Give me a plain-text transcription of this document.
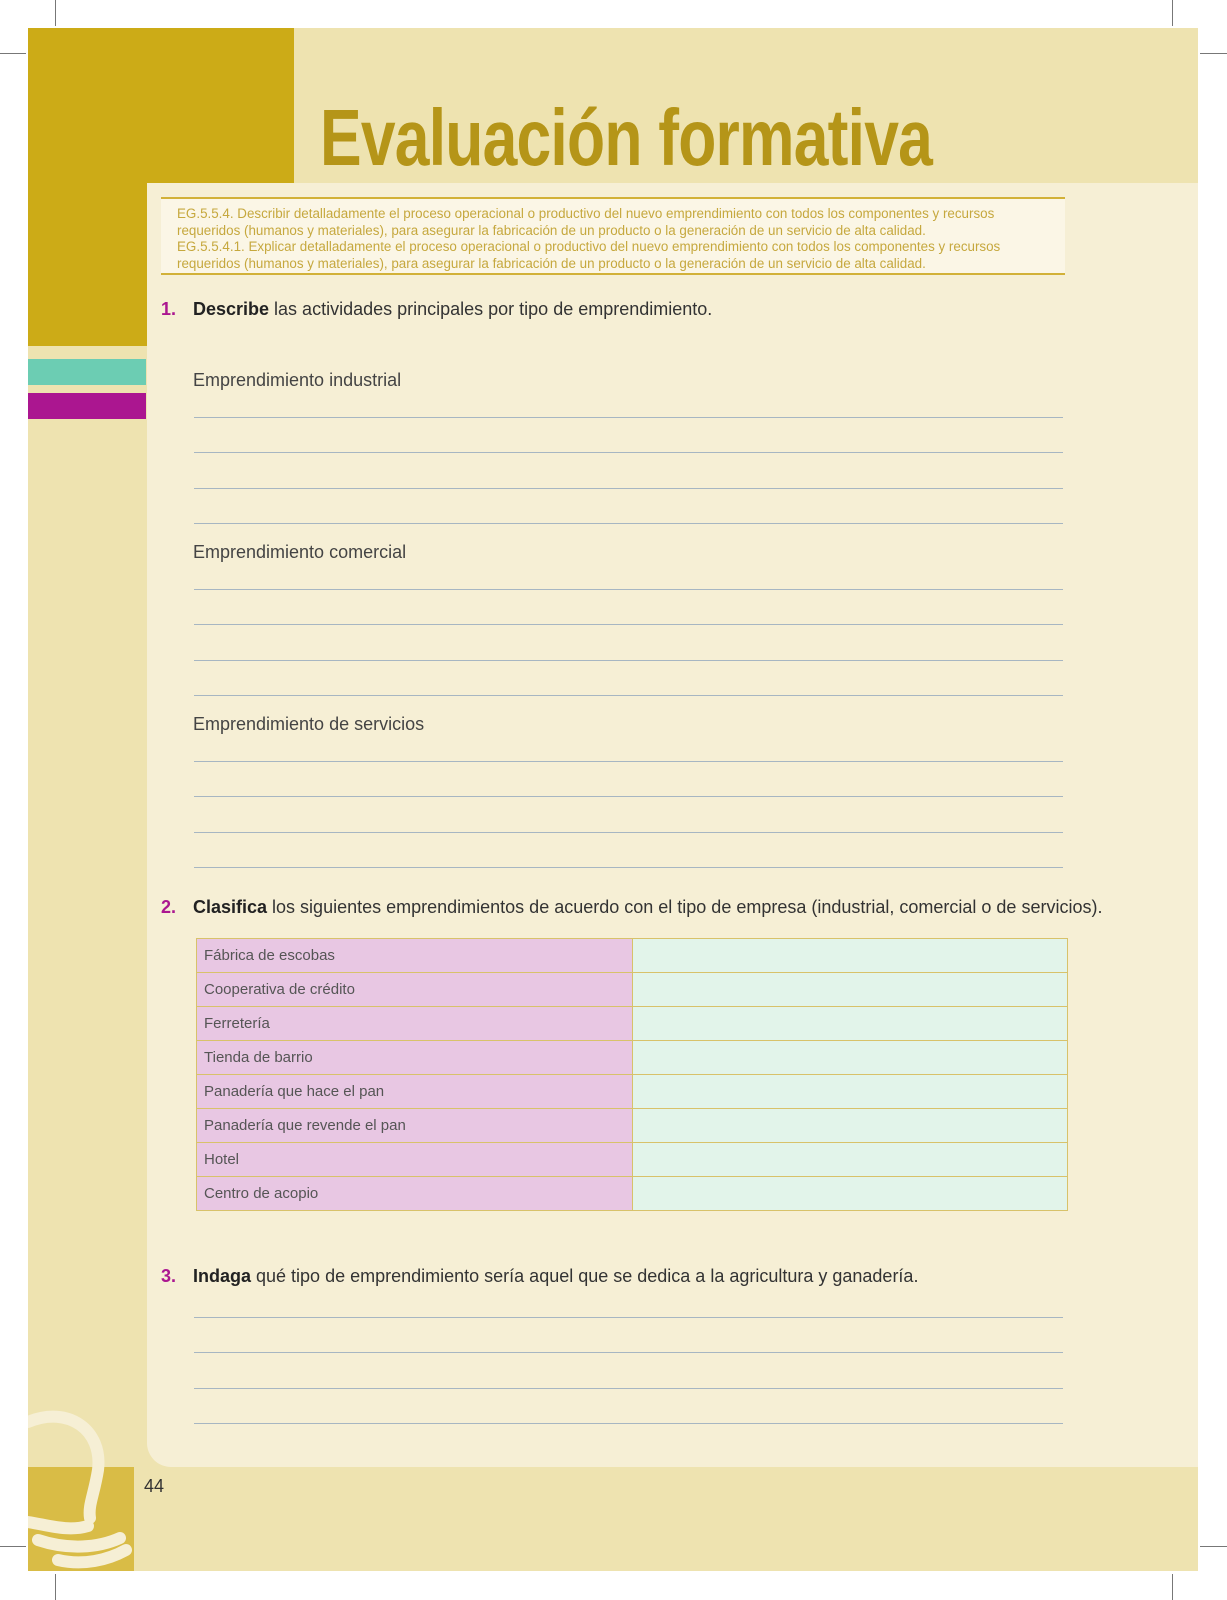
Evaluación formativa
EG.5.5.4. Describir detalladamente el proceso operacional o productivo del nuevo emprendimiento con todos los componentes y recursos
requeridos (humanos y materiales), para asegurar la fabricación de un producto o la generación de un servicio de alta calidad.
EG.5.5.4.1. Explicar detalladamente el proceso operacional o productivo del nuevo emprendimiento con todos los componentes y recursos
requeridos (humanos y materiales), para asegurar la fabricación de un producto o la generación de un servicio de alta calidad.
1. Describe las actividades principales por tipo de emprendimiento.
Emprendimiento industrial
Emprendimiento comercial
Emprendimiento de servicios
2. Clasifica los siguientes emprendimientos de acuerdo con el tipo de empresa (industrial, comercial o de servicios).
Fábrica de escobas	
Cooperativa de crédito	
Ferretería	
Tienda de barrio	
Panadería que hace el pan	
Panadería que revende el pan	
Hotel	
Centro de acopio	
3. Indaga qué tipo de emprendimiento sería aquel que se dedica a la agricultura y ganadería.
44
